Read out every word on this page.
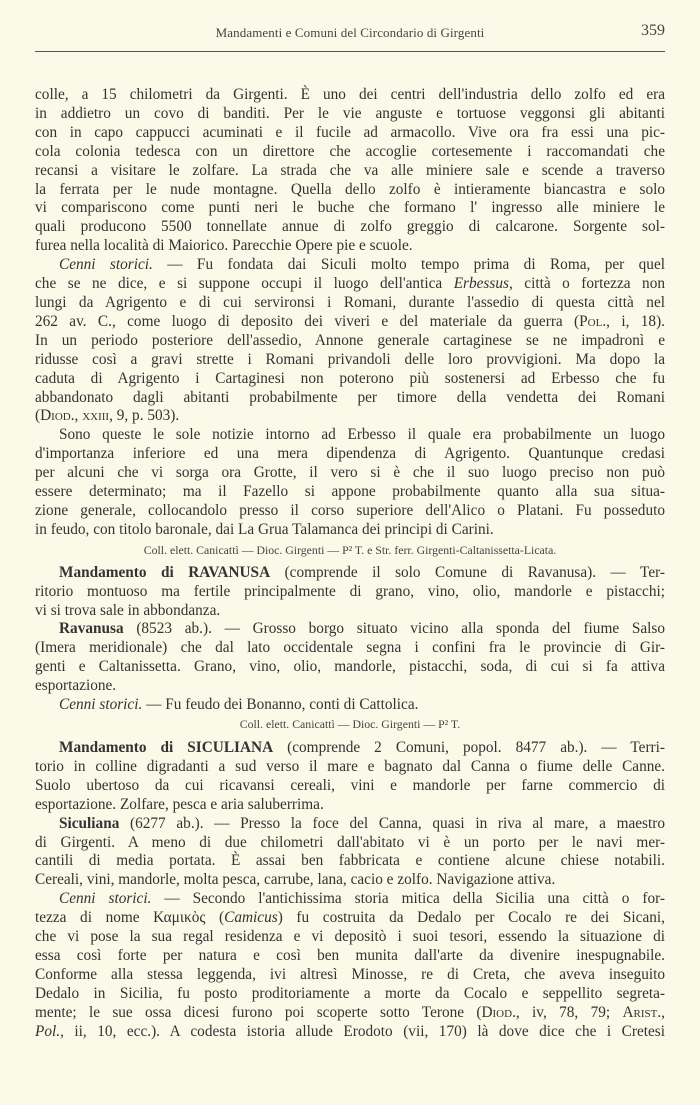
Mandamenti e Comuni del Circondario di Girgenti	359
colle, a 15 chilometri da Girgenti. È uno dei centri dell'industria dello zolfo ed era
in addietro un covo di banditi. Per le vie anguste e tortuose veggonsi gli abitanti
con in capo cappucci acuminati e il fucile ad armacollo. Vive ora fra essi una pic-
cola colonia tedesca con un direttore che accoglie cortesemente i raccomandati che
recansi a visitare le zolfare. La strada che va alle miniere sale e scende a traverso
la ferrata per le nude montagne. Quella dello zolfo è intieramente biancastra e solo
vi compariscono come punti neri le buche che formano l' ingresso alle miniere le
quali producono 5500 tonnellate annue di zolfo greggio di calcarone. Sorgente sol-
furea nella località di Maiorico. Parecchie Opere pie e scuole.
Cenni storici. — Fu fondata dai Siculi molto tempo prima di Roma, per quel
che se ne dice, e si suppone occupi il luogo dell'antica Erbessus, città o fortezza non
lungi da Agrigento e di cui servironsi i Romani, durante l'assedio di questa città nel
262 av. C., come luogo di deposito dei viveri e del materiale da guerra (Pol., i, 18).
In un periodo posteriore dell'assedio, Annone generale cartaginese se ne impadronì e
ridusse così a gravi strette i Romani privandoli delle loro provvigioni. Ma dopo la
caduta di Agrigento i Cartaginesi non poterono più sostenersi ad Erbesso che fu
abbandonato dagli abitanti probabilmente per timore della vendetta dei Romani
(Diod., xxiii, 9, p. 503).
Sono queste le sole notizie intorno ad Erbesso il quale era probabilmente un luogo
d'importanza inferiore ed una mera dipendenza di Agrigento. Quantunque credasi
per alcuni che vi sorga ora Grotte, il vero si è che il suo luogo preciso non può
essere determinato; ma il Fazello si appone probabilmente quanto alla sua situa-
zione generale, collocandolo presso il corso superiore dell'Alico o Platani. Fu posseduto
in feudo, con titolo baronale, dai La Grua Talamanca dei principi di Carini.
Coll. elett. Canicattì — Dioc. Girgenti — P² T. e Str. ferr. Girgenti-Caltanissetta-Licata.
Mandamento di RAVANUSA (comprende il solo Comune di Ravanusa). — Ter-
ritorio montuoso ma fertile principalmente di grano, vino, olio, mandorle e pistacchi;
vi si trova sale in abbondanza.
Ravanusa (8523 ab.). — Grosso borgo situato vicino alla sponda del fiume Salso
(Imera meridionale) che dal lato occidentale segna i confini fra le provincie di Gir-
genti e Caltanissetta. Grano, vino, olio, mandorle, pistacchi, soda, di cui si fa attiva
esportazione.
Cenni storici. — Fu feudo dei Bonanno, conti di Cattolica.
Coll. elett. Canicattì — Dioc. Girgenti — P² T.
Mandamento di SICULIANA (comprende 2 Comuni, popol. 8477 ab.). — Terri-
torio in colline digradanti a sud verso il mare e bagnato dal Canna o fiume delle Canne.
Suolo ubertoso da cui ricavansi cereali, vini e mandorle per farne commercio di
esportazione. Zolfare, pesca e aria saluberrima.
Siculiana (6277 ab.). — Presso la foce del Canna, quasi in riva al mare, a maestro
di Girgenti. A meno di due chilometri dall'abitato vi è un porto per le navi mer-
cantili di media portata. È assai ben fabbricata e contiene alcune chiese notabili.
Cereali, vini, mandorle, molta pesca, carrube, lana, cacio e zolfo. Navigazione attiva.
Cenni storici. — Secondo l'antichissima storia mitica della Sicilia una città o for-
tezza di nome Καμικὸς (Camicus) fu costruita da Dedalo per Cocalo re dei Sicani,
che vi pose la sua regal residenza e vi depositò i suoi tesori, essendo la situazione di
essa così forte per natura e così ben munita dall'arte da divenire inespugnabile.
Conforme alla stessa leggenda, ivi altresì Minosse, re di Creta, che aveva inseguito
Dedalo in Sicilia, fu posto proditoriamente a morte da Cocalo e seppellito segreta-
mente; le sue ossa dicesi furono poi scoperte sotto Terone (Diod., iv, 78, 79; Arist.,
Pol., ii, 10, ecc.). A codesta istoria allude Erodoto (vii, 170) là dove dice che i Cretesi
